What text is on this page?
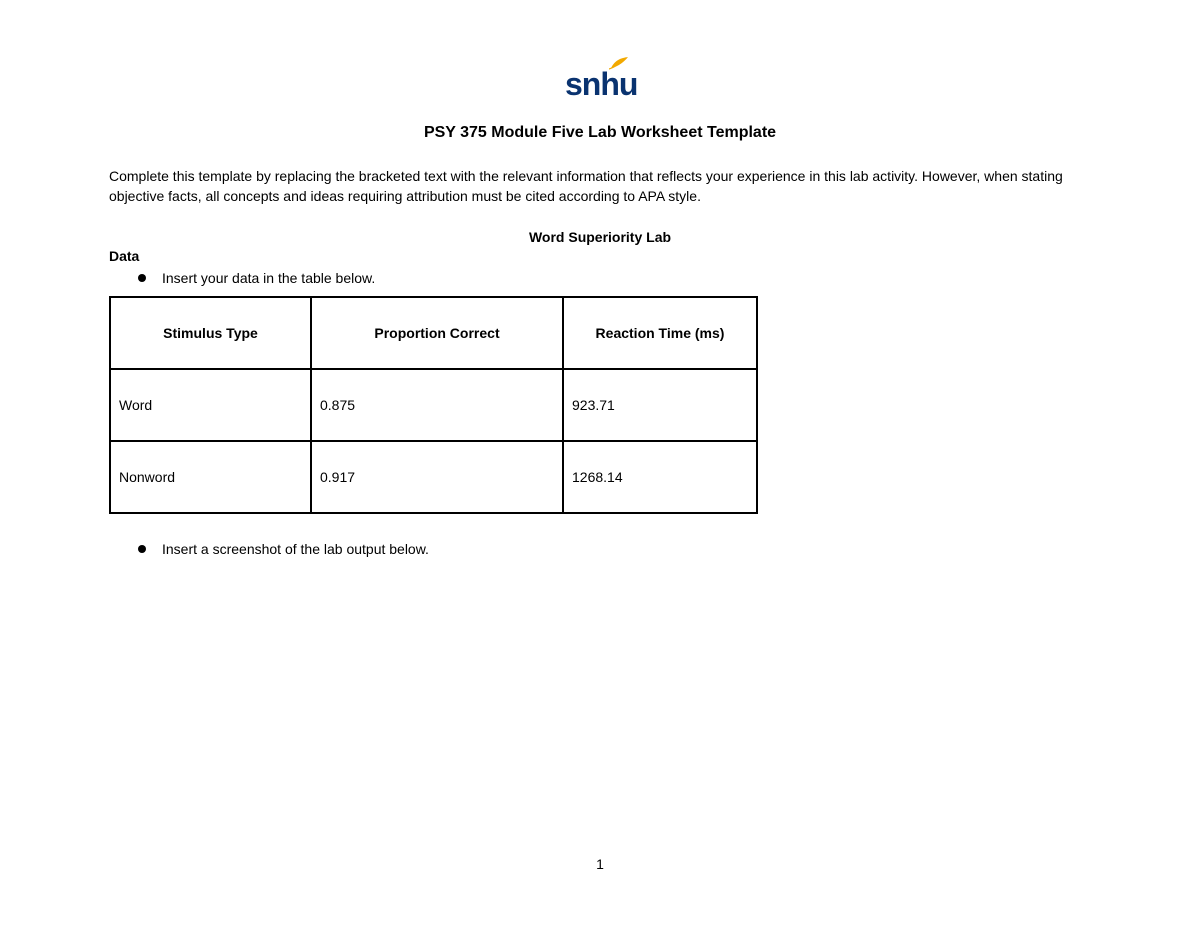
snhu
PSY 375 Module Five Lab Worksheet Template
Complete this template by replacing the bracketed text with the relevant information that reflects your experience in this lab activity. However, when stating objective facts, all concepts and ideas requiring attribution must be cited according to APA style.
Word Superiority Lab
Data
Insert your data in the table below.
Stimulus Type	Proportion Correct	Reaction Time (ms)
Word	0.875	923.71
Nonword	0.917	1268.14
Insert a screenshot of the lab output below.
1
